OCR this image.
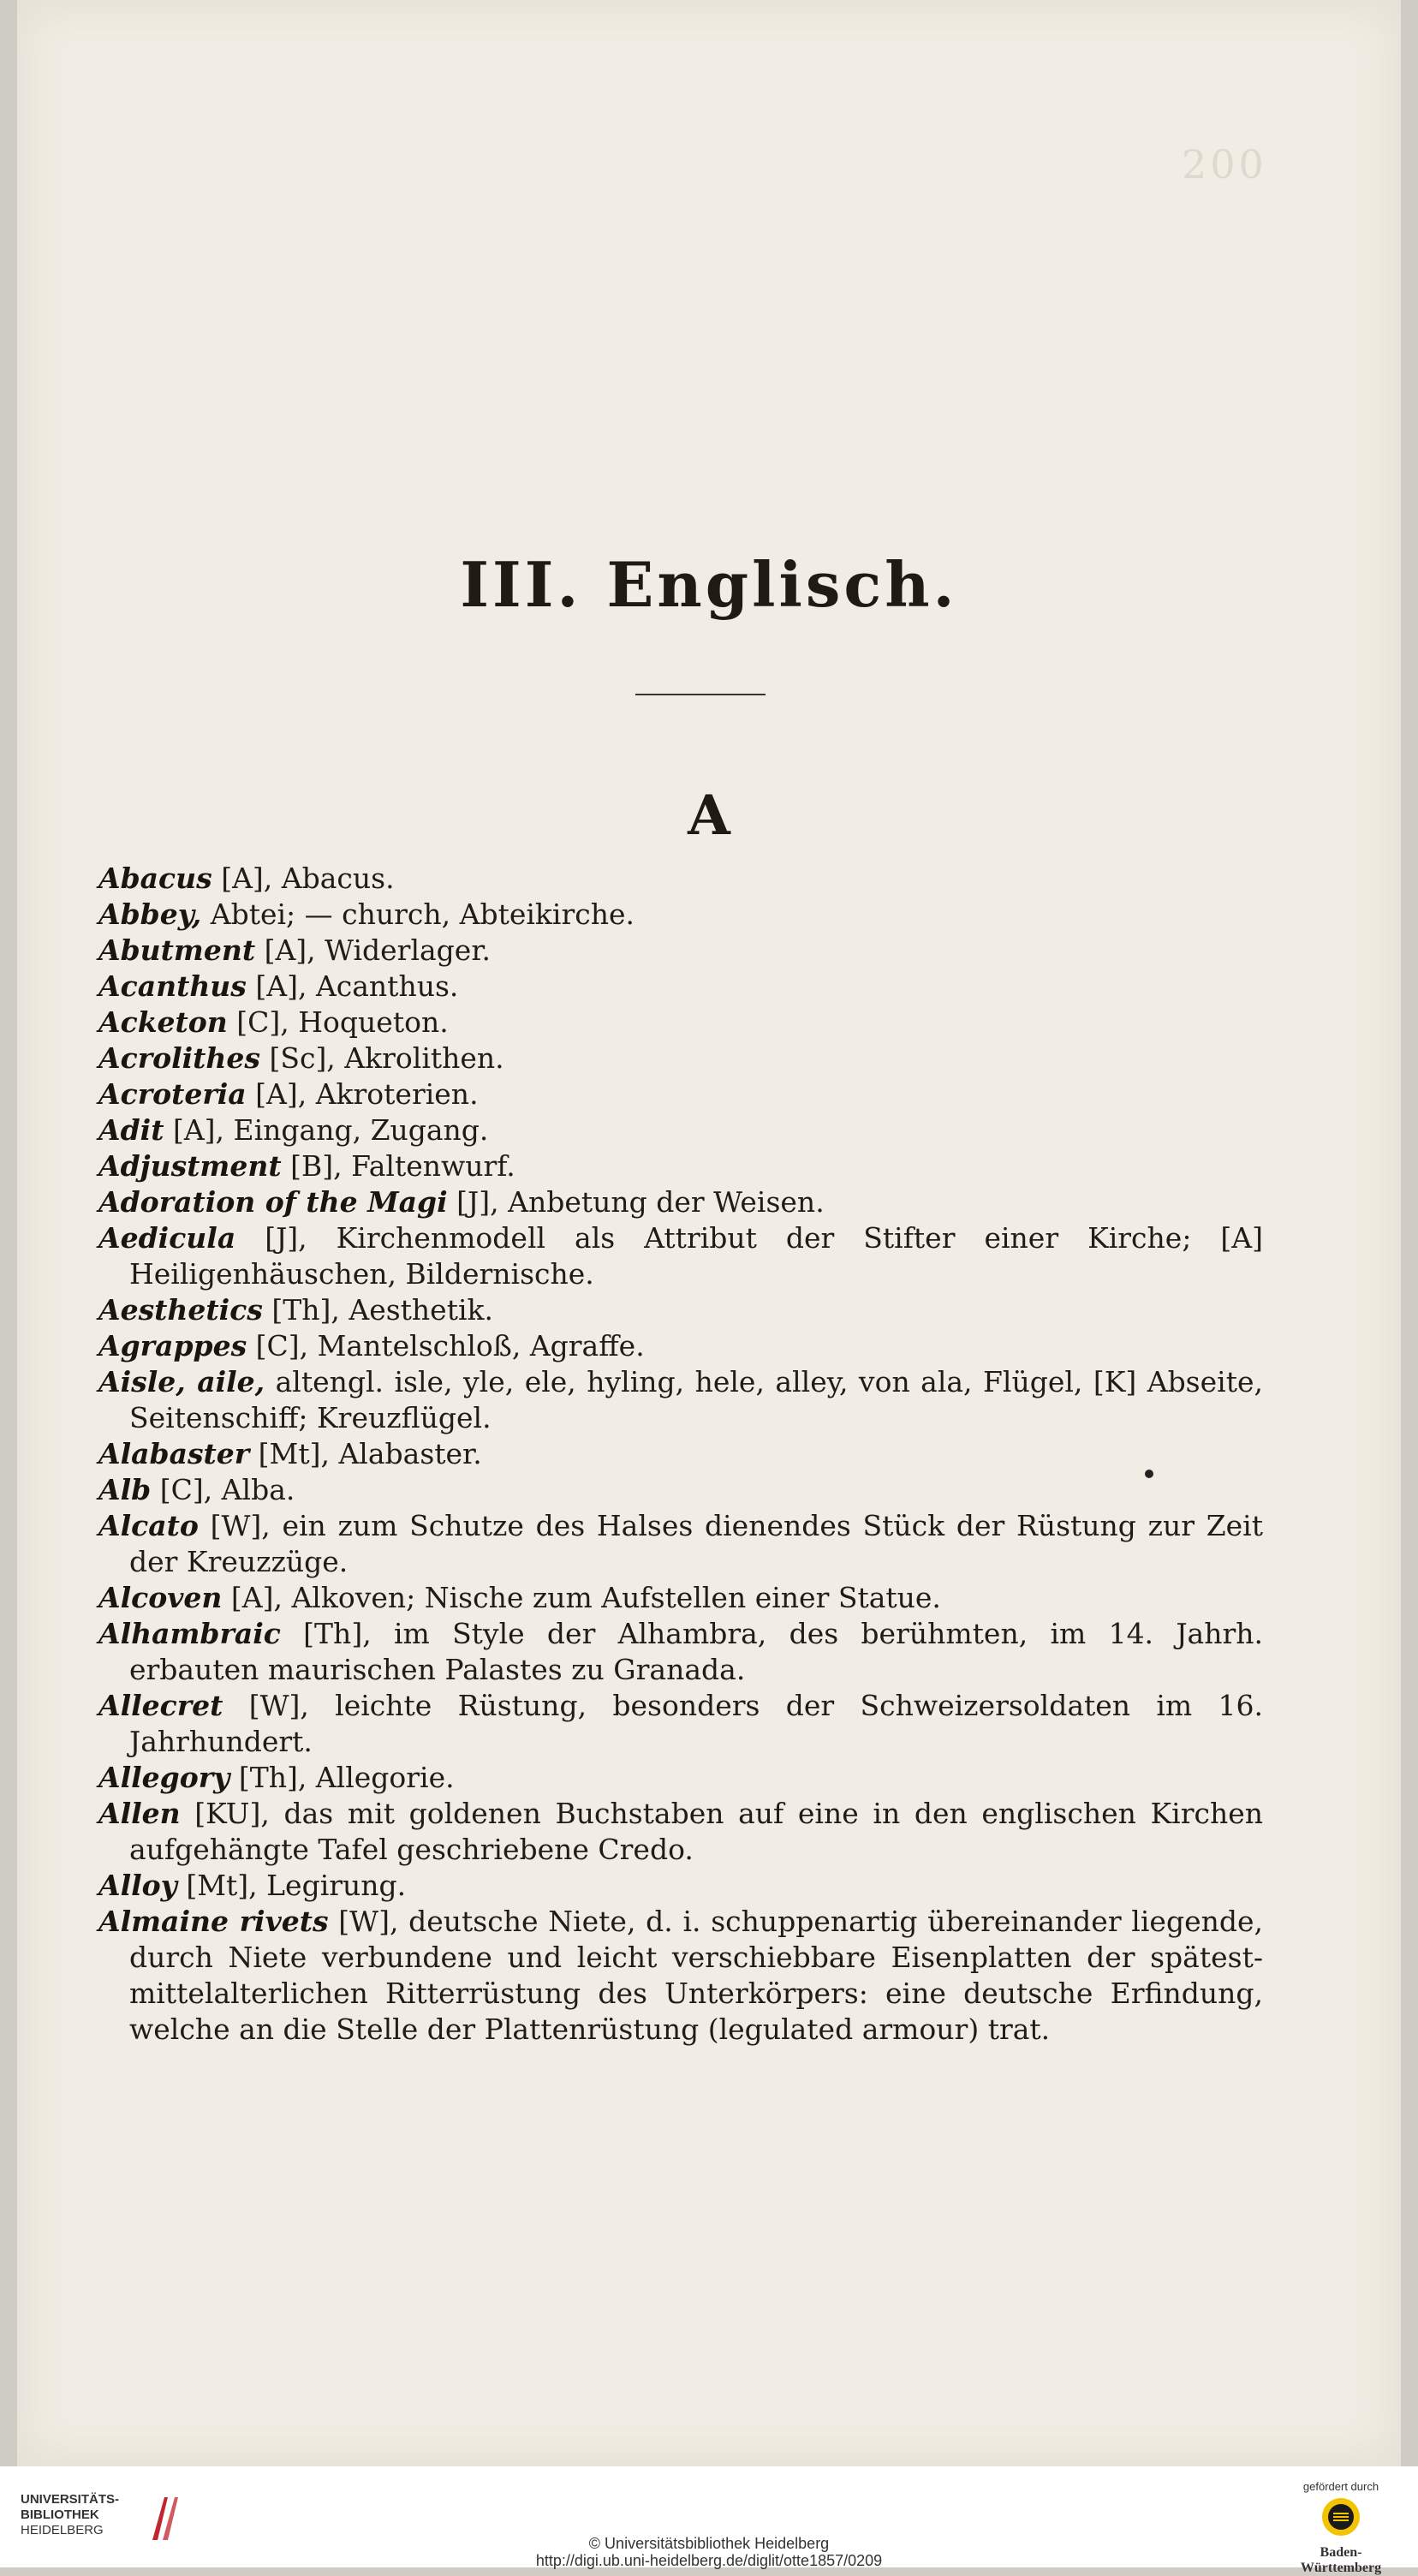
200
III. Englisch.
A
Abacus [A], Abacus.
Abbey, Abtei; — church, Abteikirche.
Abutment [A], Widerlager.
Acanthus [A], Acanthus.
Acketon [C], Hoqueton.
Acrolithes [Sc], Akrolithen.
Acroteria [A], Akroterien.
Adit [A], Eingang, Zugang.
Adjustment [B], Faltenwurf.
Adoration of the Magi [J], Anbetung der Weisen.
Aedicula [J], Kirchenmodell als Attribut der Stifter einer Kirche; [A] Heiligenhäuschen, Bildernische.
Aesthetics [Th], Aesthetik.
Agrappes [C], Mantelschloß, Agraffe.
Aisle, aile, altengl. isle, yle, ele, hyling, hele, alley, von ala, Flügel, [K] Abseite, Seitenschiff; Kreuzflügel.
Alabaster [Mt], Alabaster.
Alb [C], Alba.
Alcato [W], ein zum Schutze des Halses dienendes Stück der Rüstung zur Zeit der Kreuzzüge.
Alcoven [A], Alkoven; Nische zum Aufstellen einer Statue.
Alhambraic [Th], im Style der Alhambra, des berühmten, im 14. Jahrh. erbauten maurischen Palastes zu Granada.
Allecret [W], leichte Rüstung, besonders der Schweizersoldaten im 16. Jahrhundert.
Allegory [Th], Allegorie.
Allen [KU], das mit goldenen Buchstaben auf eine in den englischen Kirchen aufgehängte Tafel geschriebene Credo.
Alloy [Mt], Legirung.
Almaine rivets [W], deutsche Niete, d. i. schuppenartig übereinander liegende, durch Niete verbundene und leicht verschiebbare Eisenplatten der spätest-mittelalterlichen Ritterrüstung des Unterkörpers: eine deutsche Erfindung, welche an die Stelle der Plattenrüstung (legulated armour) trat.
UNIVERSITÄTS-
BIBLIOTHEK
HEIDELBERG
© Universitätsbibliothek Heidelberg
http://digi.ub.uni-heidelberg.de/diglit/otte1857/0209
gefördert durch
Baden-Württemberg
